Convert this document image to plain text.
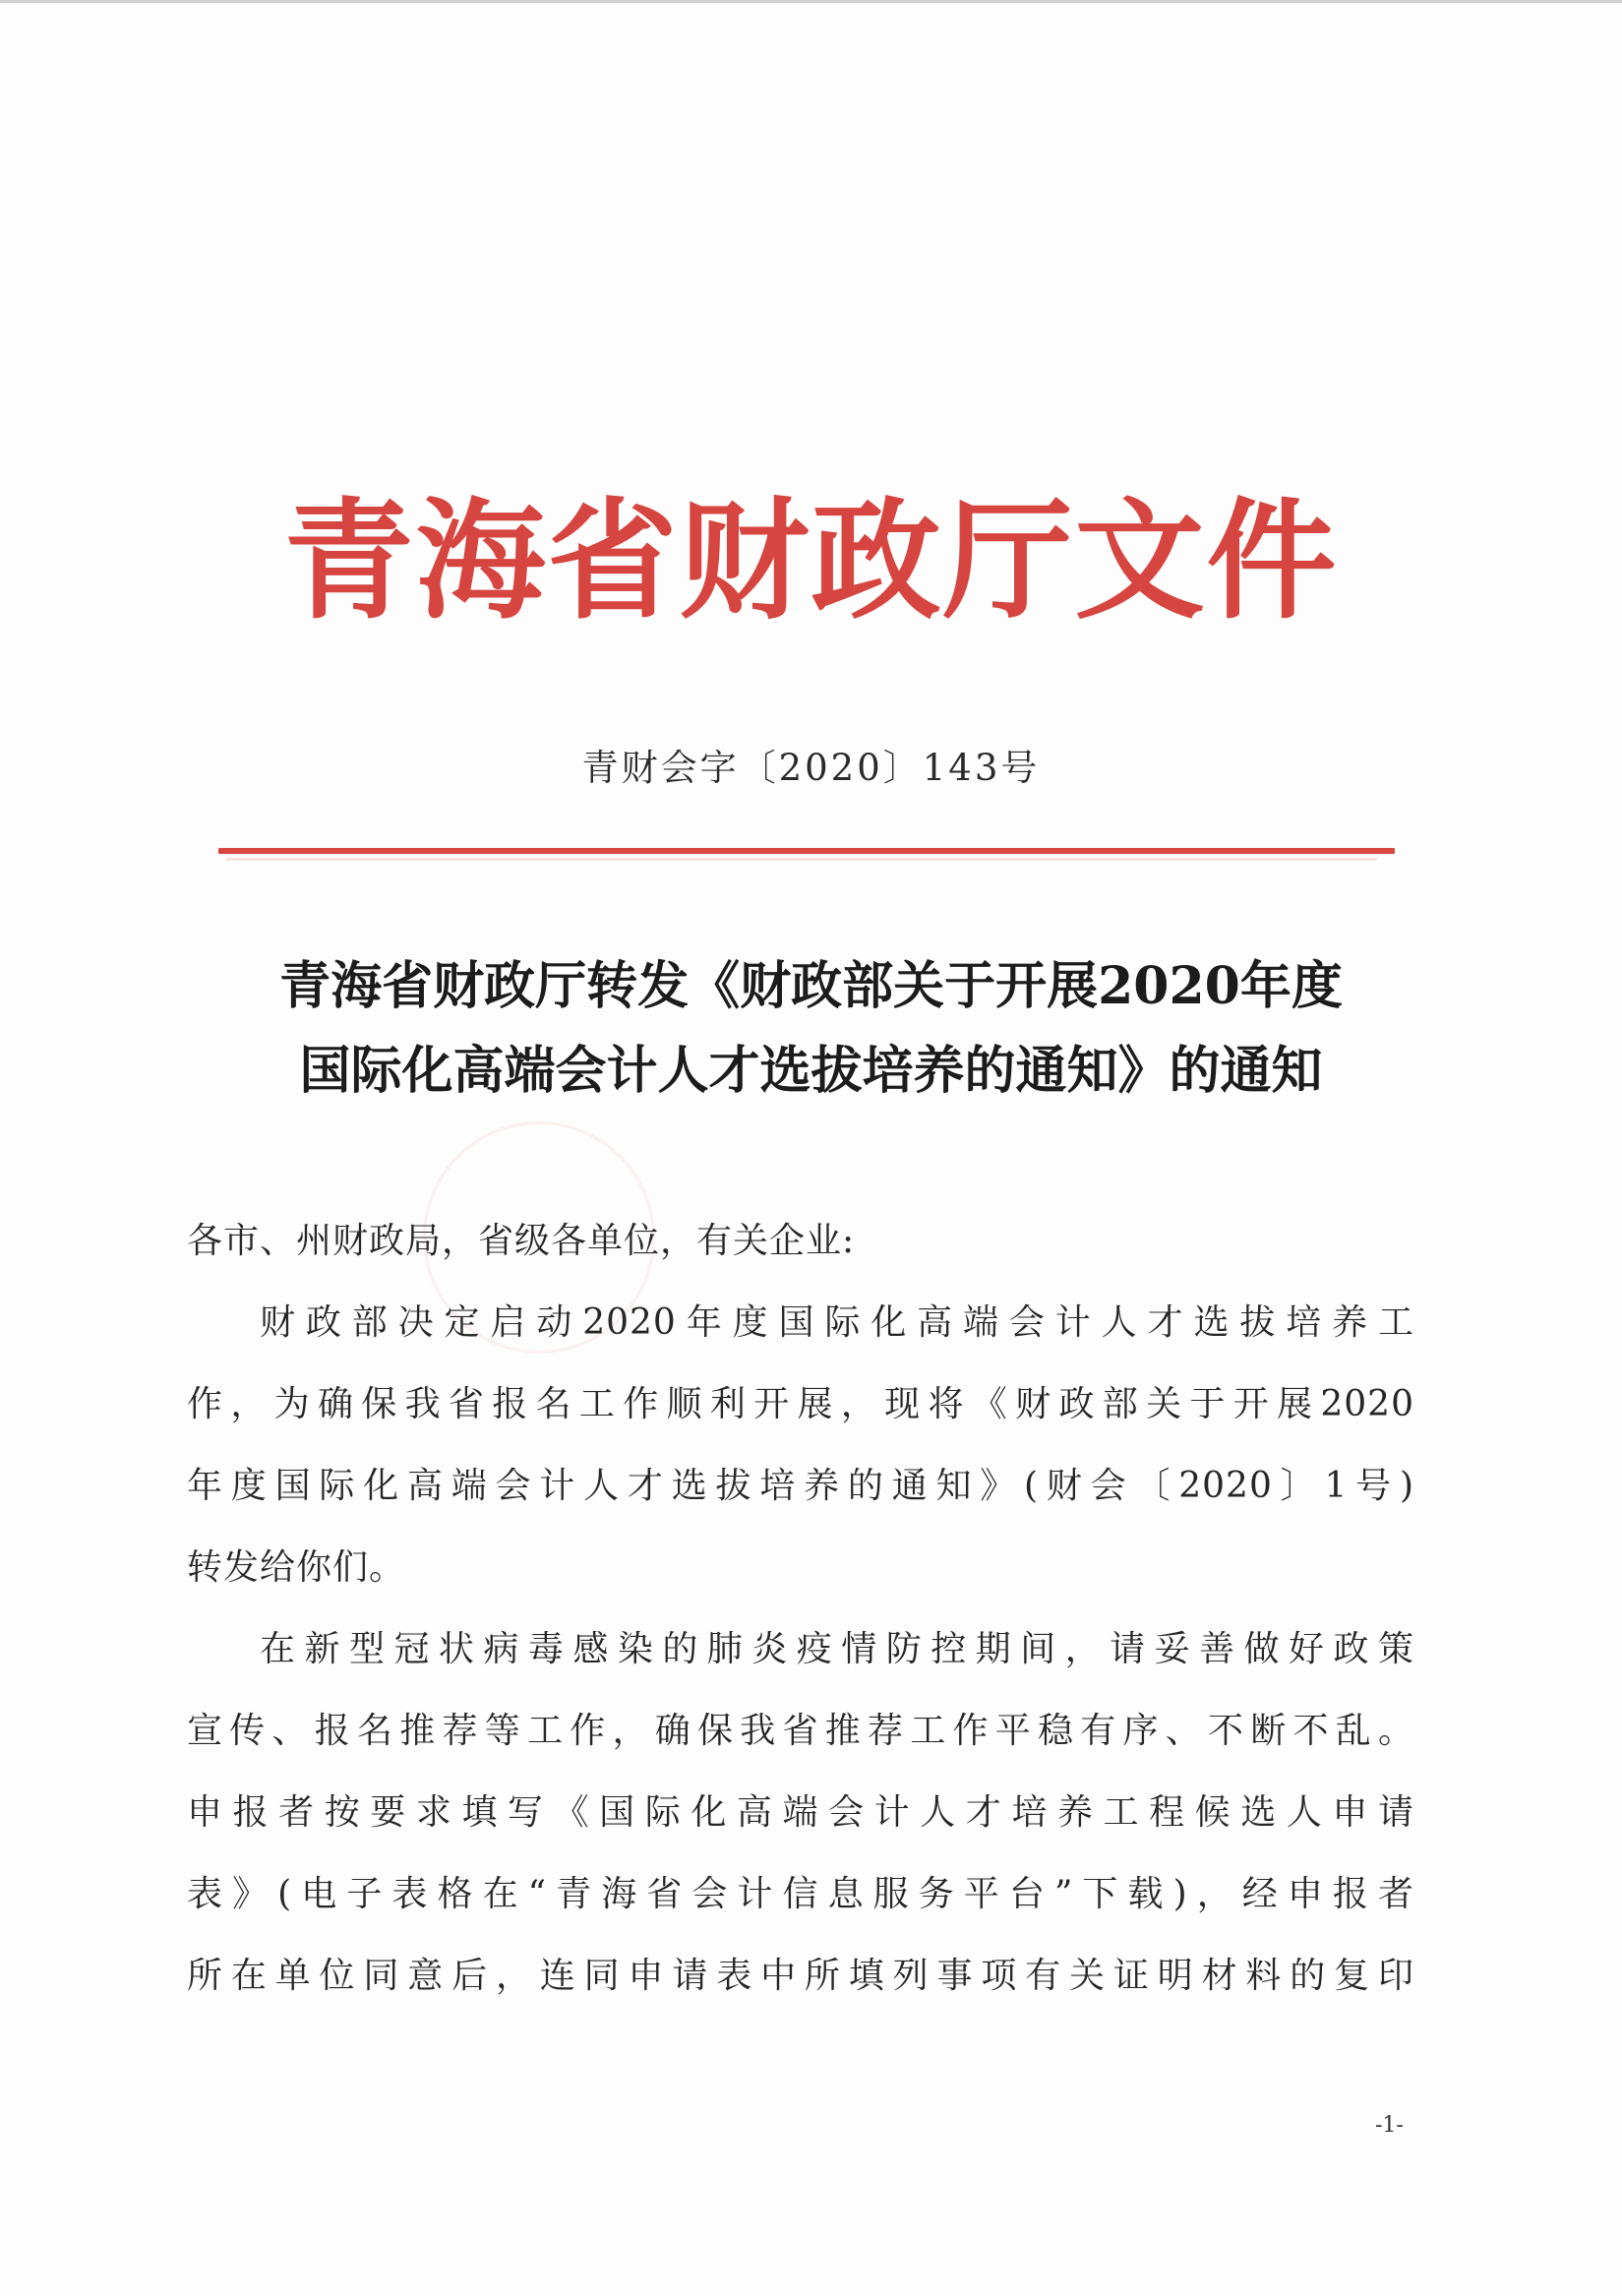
青海省财政厅文件
青财会字〔2020〕143号
青海省财政厅转发《财政部关于开展2020年度
国际化高端会计人才选拔培养的通知》的通知
各市、州财政局，省级各单位，有关企业:
财政部决定启动2020年度国际化高端会计人才选拔培养工
作，为确保我省报名工作顺利开展，现将《财政部关于开展2020
年度国际化高端会计人才选拔培养的通知》(财会〔2020〕1号)
转发给你们。
在新型冠状病毒感染的肺炎疫情防控期间，请妥善做好政策
宣传、报名推荐等工作，确保我省推荐工作平稳有序、不断不乱。
申报者按要求填写《国际化高端会计人才培养工程候选人申请
表》(电子表格在“青海省会计信息服务平台”下载)，经申报者
所在单位同意后，连同申请表中所填列事项有关证明材料的复印
-1-
